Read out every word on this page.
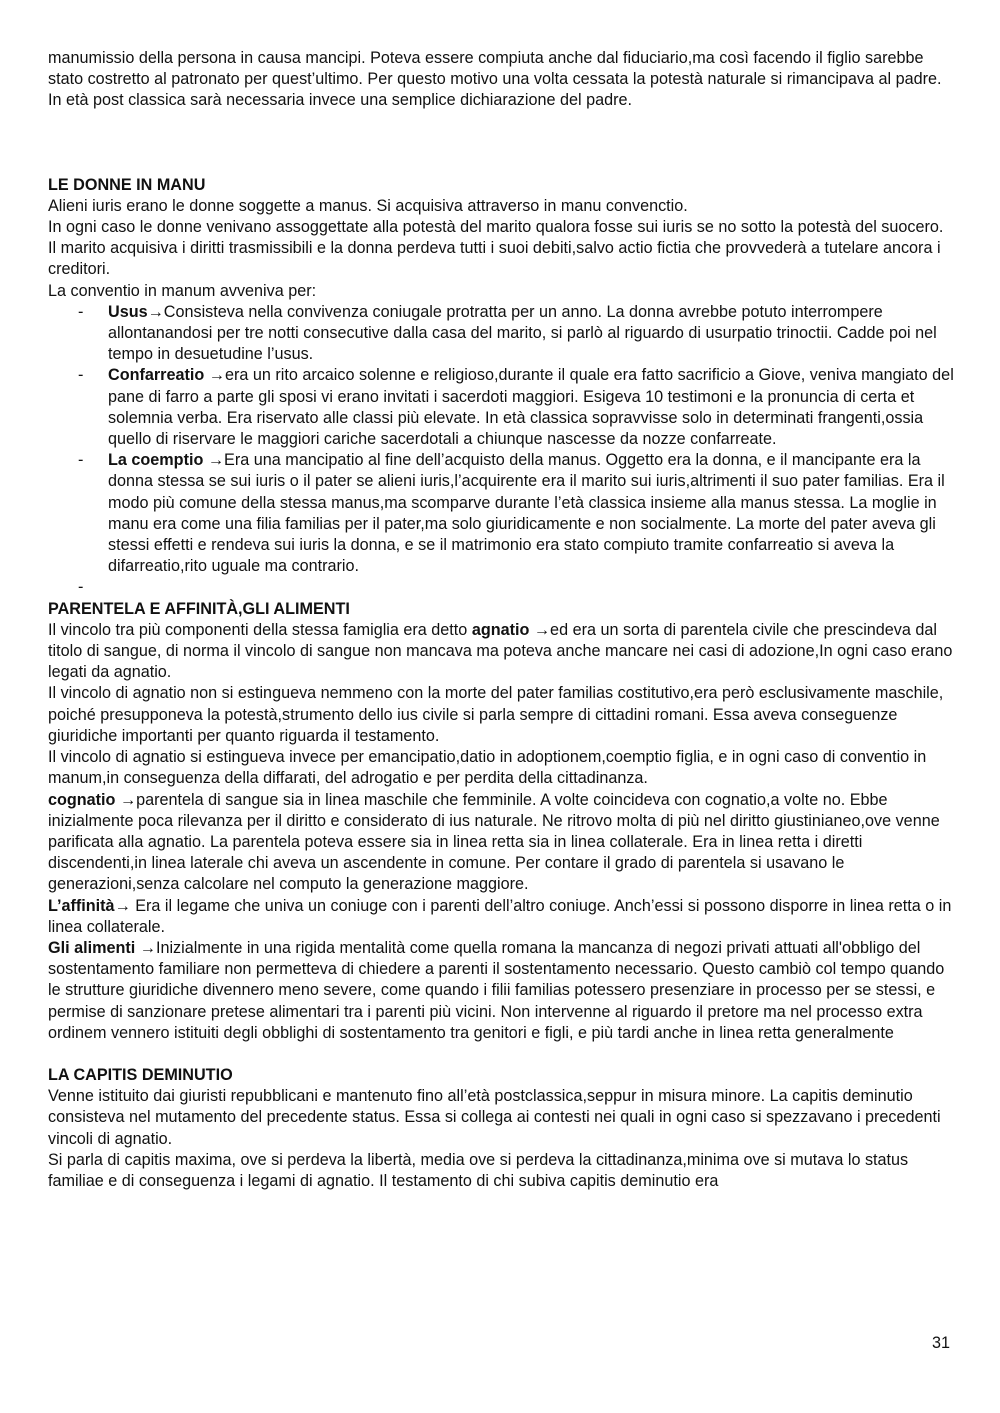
manumissio della persona in causa mancipi. Poteva essere compiuta anche dal fiduciario,ma così facendo il figlio sarebbe stato costretto al patronato per quest’ultimo. Per questo motivo una volta cessata la potestà naturale si rimancipava al padre. In età post classica sarà necessaria invece una semplice dichiarazione del padre.

LE DONNE IN MANU

Alieni iuris erano le donne soggette a manus. Si acquisiva attraverso in manu convenctio.

In ogni caso le donne venivano assoggettate alla potestà del marito qualora fosse sui iuris se no sotto la potestà del suocero.

Il marito acquisiva i diritti trasmissibili e la donna perdeva tutti i suoi debiti,salvo actio fictia che provvederà a tutelare ancora i creditori.

La conventio in manum avveniva per:

- Usus→Consisteva nella convivenza coniugale protratta per un anno. La donna avrebbe potuto interrompere allontanandosi per tre notti consecutive dalla casa del marito, si parlò al riguardo di usurpatio trinoctii. Cadde poi nel tempo in desuetudine l’usus.
- Confarreatio →era un rito arcaico solenne e religioso,durante il quale era fatto sacrificio a Giove, veniva mangiato del pane di farro a parte gli sposi vi erano invitati i sacerdoti maggiori. Esigeva 10 testimoni e la pronuncia di certa et solemnia verba. Era riservato alle classi più elevate. In età classica sopravvisse solo in determinati frangenti,ossia quello di riservare le maggiori cariche sacerdotali a chiunque nascesse da nozze confarreate.
- La coemptio →Era una mancipatio al fine dell’acquisto della manus. Oggetto era la donna, e il mancipante era la donna stessa se sui iuris o il pater se alieni iuris,l’acquirente era il marito sui iuris,altrimenti il suo pater familias. Era il modo più comune della stessa manus,ma scomparve durante l’età classica insieme alla manus stessa. La moglie in manu era come una filia familias per il pater,ma solo giuridicamente e non socialmente. La morte del pater aveva gli stessi effetti e rendeva sui iuris la donna, e se il matrimonio era stato compiuto tramite confarreatio si aveva la difarreatio,rito uguale ma contrario.
-

PARENTELA E AFFINITÀ,GLI ALIMENTI

Il vincolo tra più componenti della stessa famiglia era detto agnatio →ed era un sorta di parentela civile che prescindeva dal titolo di sangue, di norma il vincolo di sangue non mancava ma poteva anche mancare nei casi di adozione,In ogni caso erano legati da agnatio.

Il vincolo di agnatio non si estingueva nemmeno con la morte del pater familias costitutivo,era però esclusivamente maschile, poiché presupponeva la potestà,strumento dello ius civile si parla sempre di cittadini romani. Essa aveva conseguenze giuridiche importanti per quanto riguarda il testamento.

Il vincolo di agnatio si estingueva invece per emancipatio,datio in adoptionem,coemptio figlia, e in ogni caso di conventio in manum,in conseguenza della diffarati, del adrogatio e per perdita della cittadinanza.

cognatio →parentela di sangue sia in linea maschile che femminile. A volte coincideva con cognatio,a volte no. Ebbe inizialmente poca rilevanza per il diritto e considerato di ius naturale. Ne ritrovo molta di più nel diritto giustinianeo,ove venne parificata alla agnatio. La parentela poteva essere sia in linea retta sia in linea collaterale. Era in linea retta i diretti discendenti,in linea laterale chi aveva un ascendente in comune. Per contare il grado di parentela si usavano le generazioni,senza calcolare nel computo la generazione maggiore.

L’affinità→ Era il legame che univa un coniuge con i parenti dell’altro coniuge. Anch’essi si possono disporre in linea retta o in linea collaterale.

Gli alimenti →Inizialmente in una rigida mentalità come quella romana la mancanza di negozi privati attuati all'obbligo del sostentamento familiare non permetteva di chiedere a parenti il sostentamento necessario. Questo cambiò col tempo quando le strutture giuridiche divennero meno severe, come quando i filii familias potessero presenziare in processo per se stessi, e permise di sanzionare pretese alimentari tra i parenti più vicini. Non intervenne al riguardo il pretore ma nel processo extra ordinem vennero istituiti degli obblighi di sostentamento tra genitori e figli, e più tardi anche in linea retta generalmente

LA CAPITIS DEMINUTIO

Venne istituito dai giuristi repubblicani e mantenuto fino all’età postclassica,seppur in misura minore. La capitis deminutio consisteva nel mutamento del precedente status. Essa si collega ai contesti nei quali in ogni caso si spezzavano i precedenti vincoli di agnatio.

Si parla di capitis maxima, ove si perdeva la libertà, media ove si perdeva la cittadinanza,minima ove si mutava lo status familiae e di conseguenza i legami di agnatio. Il testamento di chi subiva capitis deminutio era

31
